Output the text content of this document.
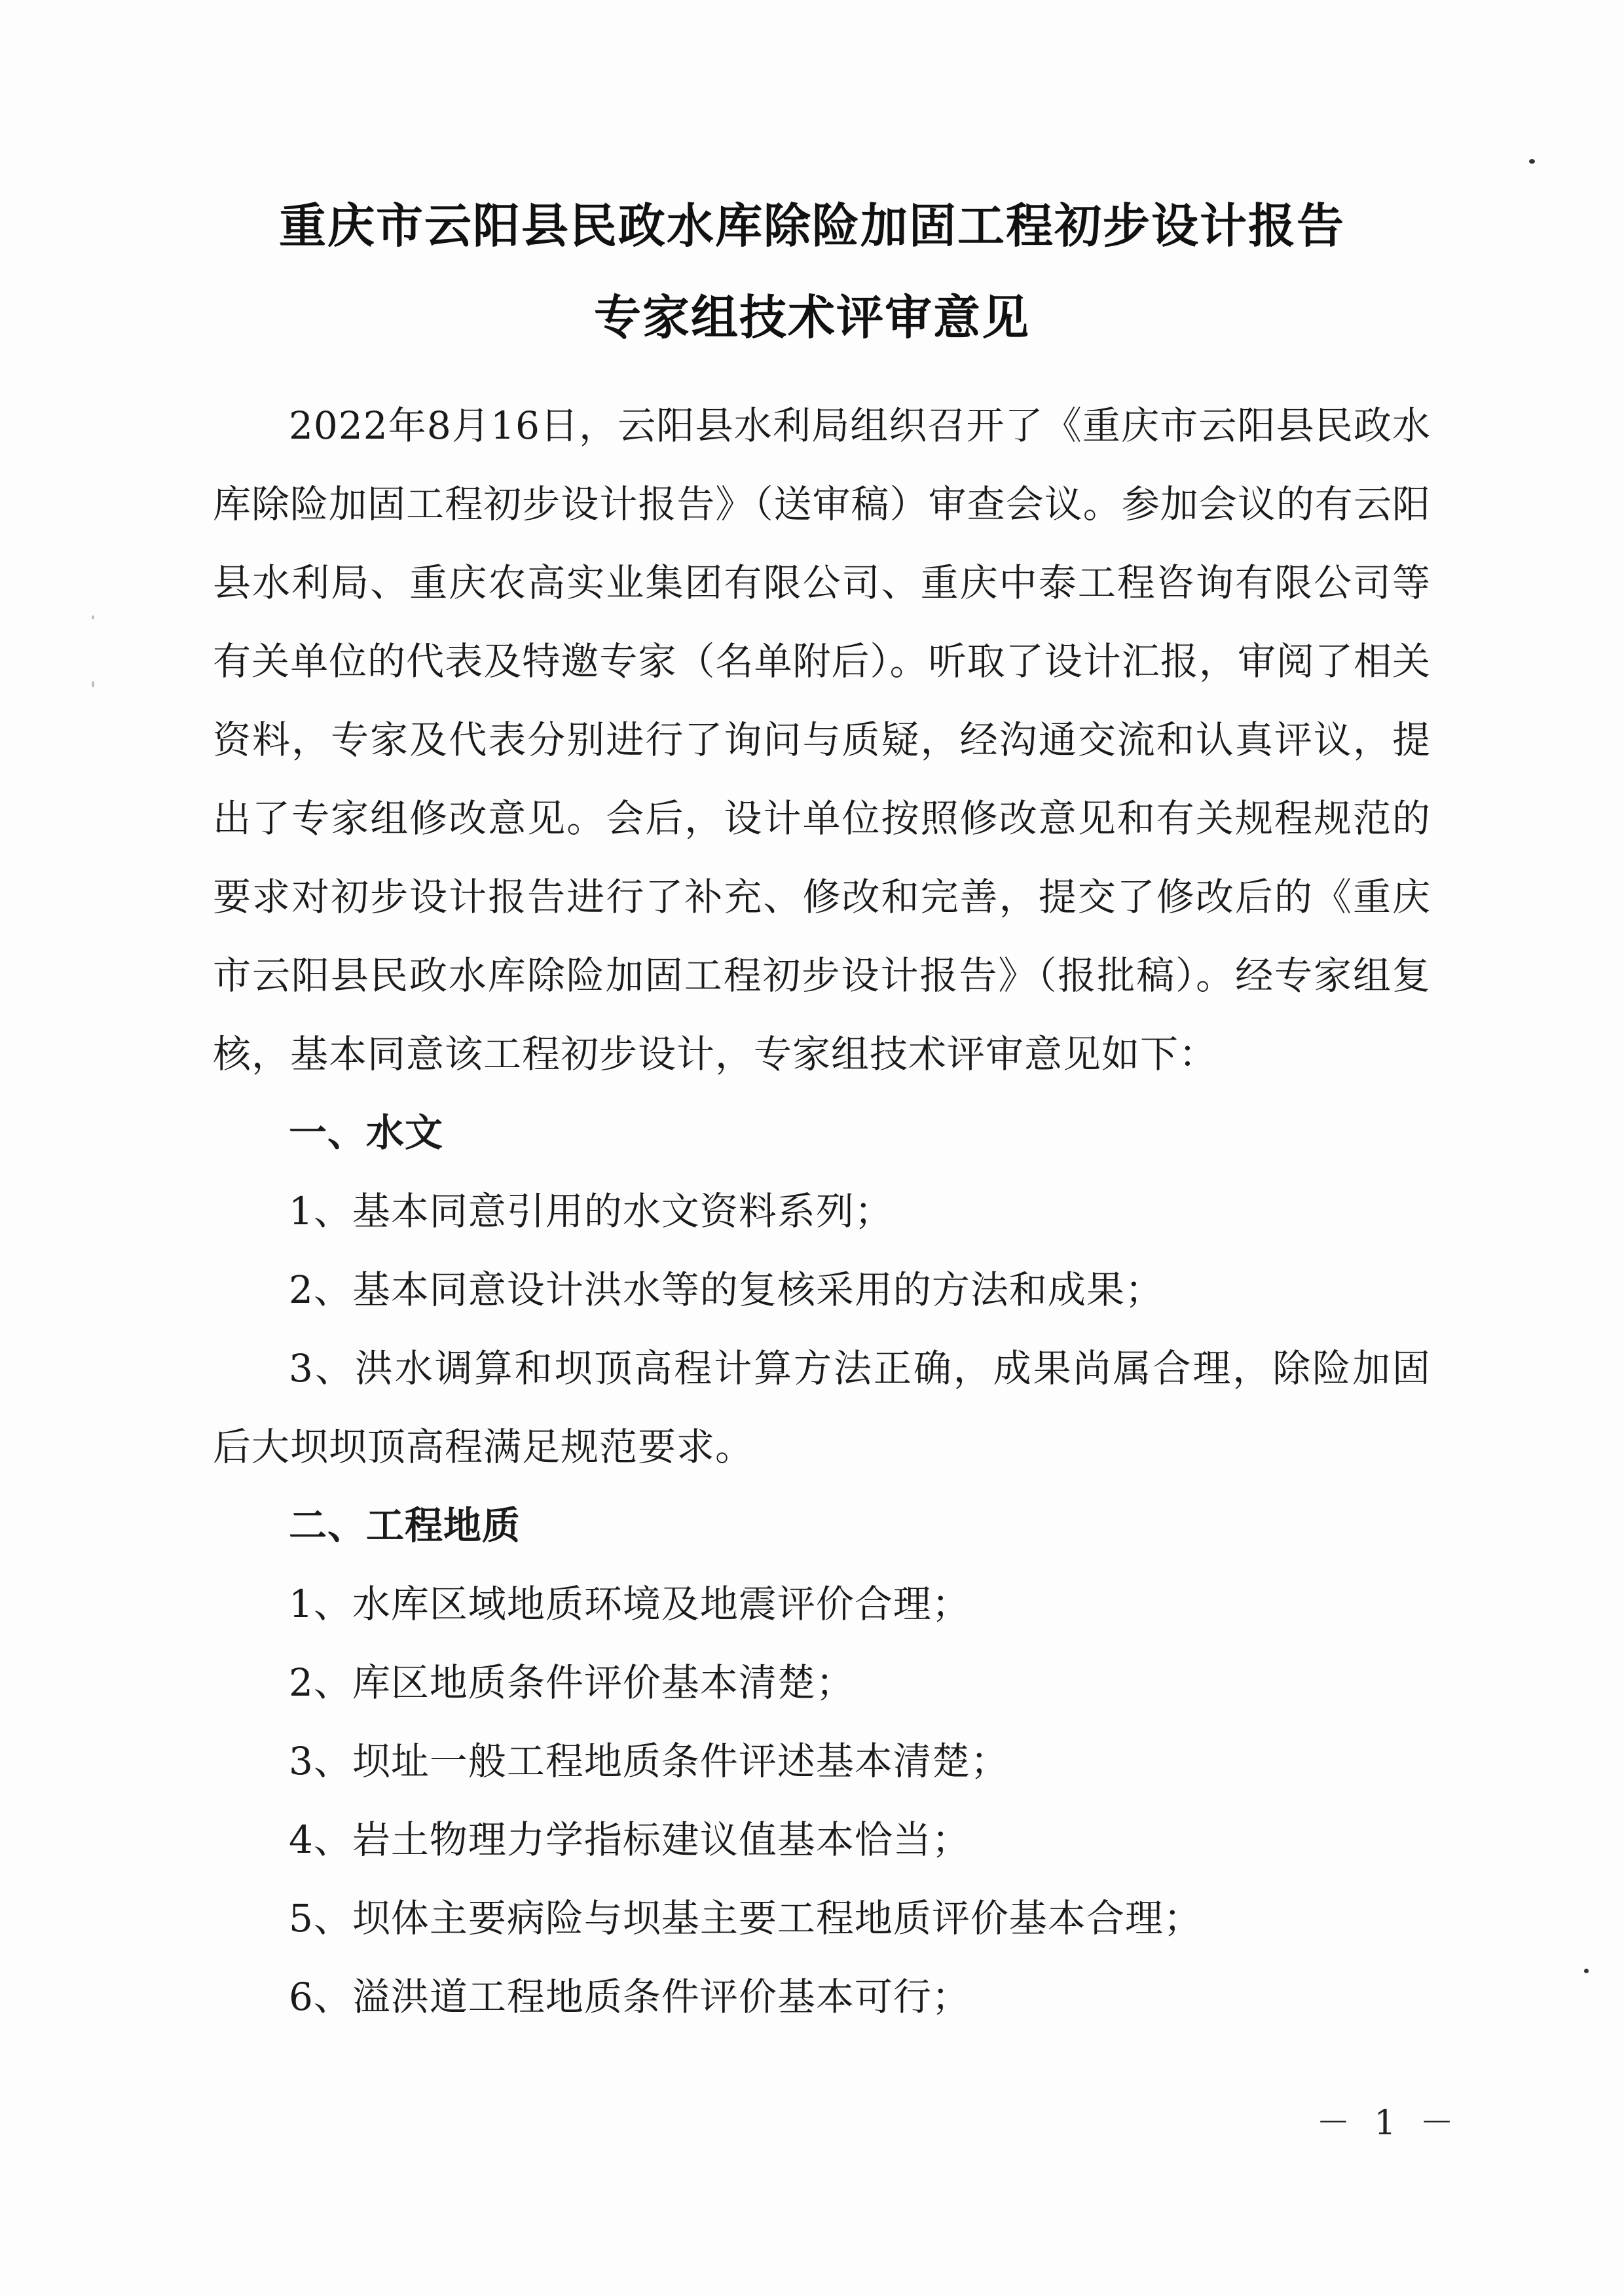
重庆市云阳县民政水库除险加固工程初步设计报告
专家组技术评审意见

2022年8月16日，云阳县水利局组织召开了《重庆市云阳县民政水库除险加固工程初步设计报告》（送审稿）审查会议。参加会议的有云阳县水利局、重庆农高实业集团有限公司、重庆中泰工程咨询有限公司等有关单位的代表及特邀专家（名单附后）。听取了设计汇报，审阅了相关资料，专家及代表分别进行了询问与质疑，经沟通交流和认真评议，提出了专家组修改意见。会后，设计单位按照修改意见和有关规程规范的要求对初步设计报告进行了补充、修改和完善，提交了修改后的《重庆市云阳县民政水库除险加固工程初步设计报告》（报批稿）。经专家组复核，基本同意该工程初步设计，专家组技术评审意见如下：

一、水文

1、基本同意引用的水文资料系列；

2、基本同意设计洪水等的复核采用的方法和成果；

3、洪水调算和坝顶高程计算方法正确，成果尚属合理，除险加固后大坝坝顶高程满足规范要求。

二、工程地质

1、水库区域地质环境及地震评价合理；

2、库区地质条件评价基本清楚；

3、坝址一般工程地质条件评述基本清楚；

4、岩土物理力学指标建议值基本恰当；

5、坝体主要病险与坝基主要工程地质评价基本合理；

6、溢洪道工程地质条件评价基本可行；

－ 1 －
